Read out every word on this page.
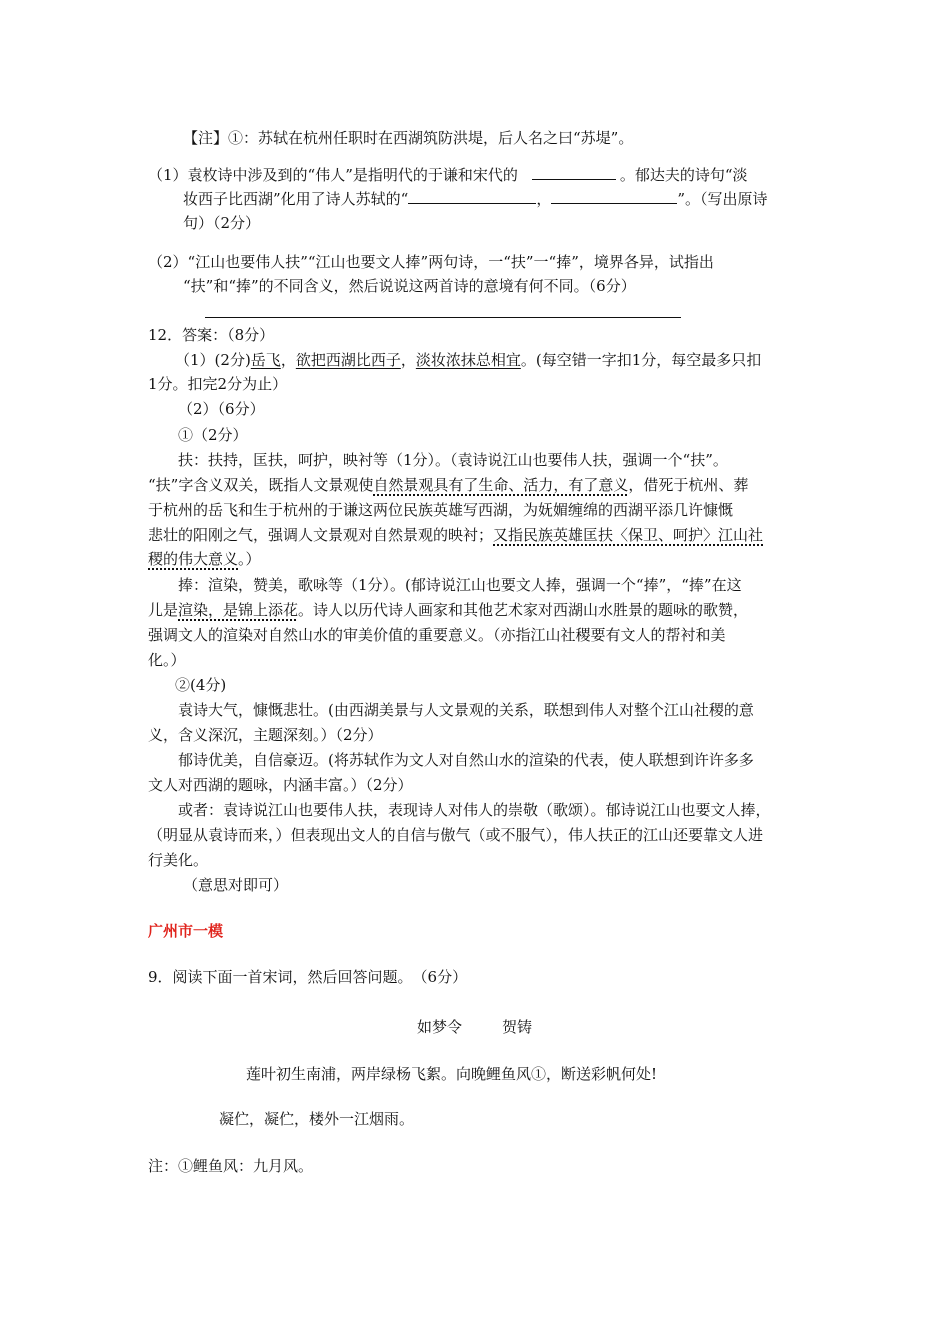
【注】①：苏轼在杭州任职时在西湖筑防洪堤，后人名之曰“苏堤”。
（1）袁枚诗中涉及到的“伟人”是指明代的于谦和宋代的	。郁达夫的诗句“淡
妆西子比西湖”化用了诗人苏轼的“	，	”。（写出原诗
句）（2分）
（2）“江山也要伟人扶”“江山也要文人捧”两句诗，一“扶”一“捧”，境界各异，试指出
“扶”和“捧”的不同含义，然后说说这两首诗的意境有何不同。（6分）
12．答案：（8分）
（1）(2分)岳飞，欲把西湖比西子，淡妆浓抹总相宜。(每空错一字扣1分，每空最多只扣
1分。扣完2分为止）
（2）（6分）
①（2分）
扶：扶持，匡扶，呵护，映衬等（1分）。（袁诗说江山也要伟人扶，强调一个“扶”。
“扶”字含义双关，既指人文景观使自然景观具有了生命、活力，有了意义，借死于杭州、葬
于杭州的岳飞和生于杭州的于谦这两位民族英雄写西湖，为妩媚缠绵的西湖平添几许慷慨
悲壮的阳刚之气，强调人文景观对自然景观的映衬；又指民族英雄匡扶〈保卫、呵护〉江山社
稷的伟大意义。）
捧：渲染，赞美，歌咏等（1分）。(郁诗说江山也要文人捧，强调一个“捧”，“捧”在这
儿是渲染，是锦上添花。诗人以历代诗人画家和其他艺术家对西湖山水胜景的题咏的歌赞，
强调文人的渲染对自然山水的审美价值的重要意义。（亦指江山社稷要有文人的帮衬和美
化。）
②(4分)
袁诗大气，慷慨悲壮。(由西湖美景与人文景观的关系，联想到伟人对整个江山社稷的意
义，含义深沉，主题深刻。）（2分）
郁诗优美，自信豪迈。(将苏轼作为文人对自然山水的渲染的代表，使人联想到许许多多
文人对西湖的题咏，内涵丰富。）（2分）
或者：袁诗说江山也要伟人扶，表现诗人对伟人的崇敬（歌颂）。郁诗说江山也要文人捧，
（明显从袁诗而来，）但表现出文人的自信与傲气（或不服气），伟人扶正的江山还要靠文人进
行美化。
（意思对即可）
广州市一模
9．阅读下面一首宋词，然后回答问题。　（6分）
如梦令	贺铸
莲叶初生南浦，两岸绿杨飞絮。向晚鲤鱼风①，断送彩帆何处!
凝伫，凝伫，楼外一江烟雨。
注：①鲤鱼风：九月风。
